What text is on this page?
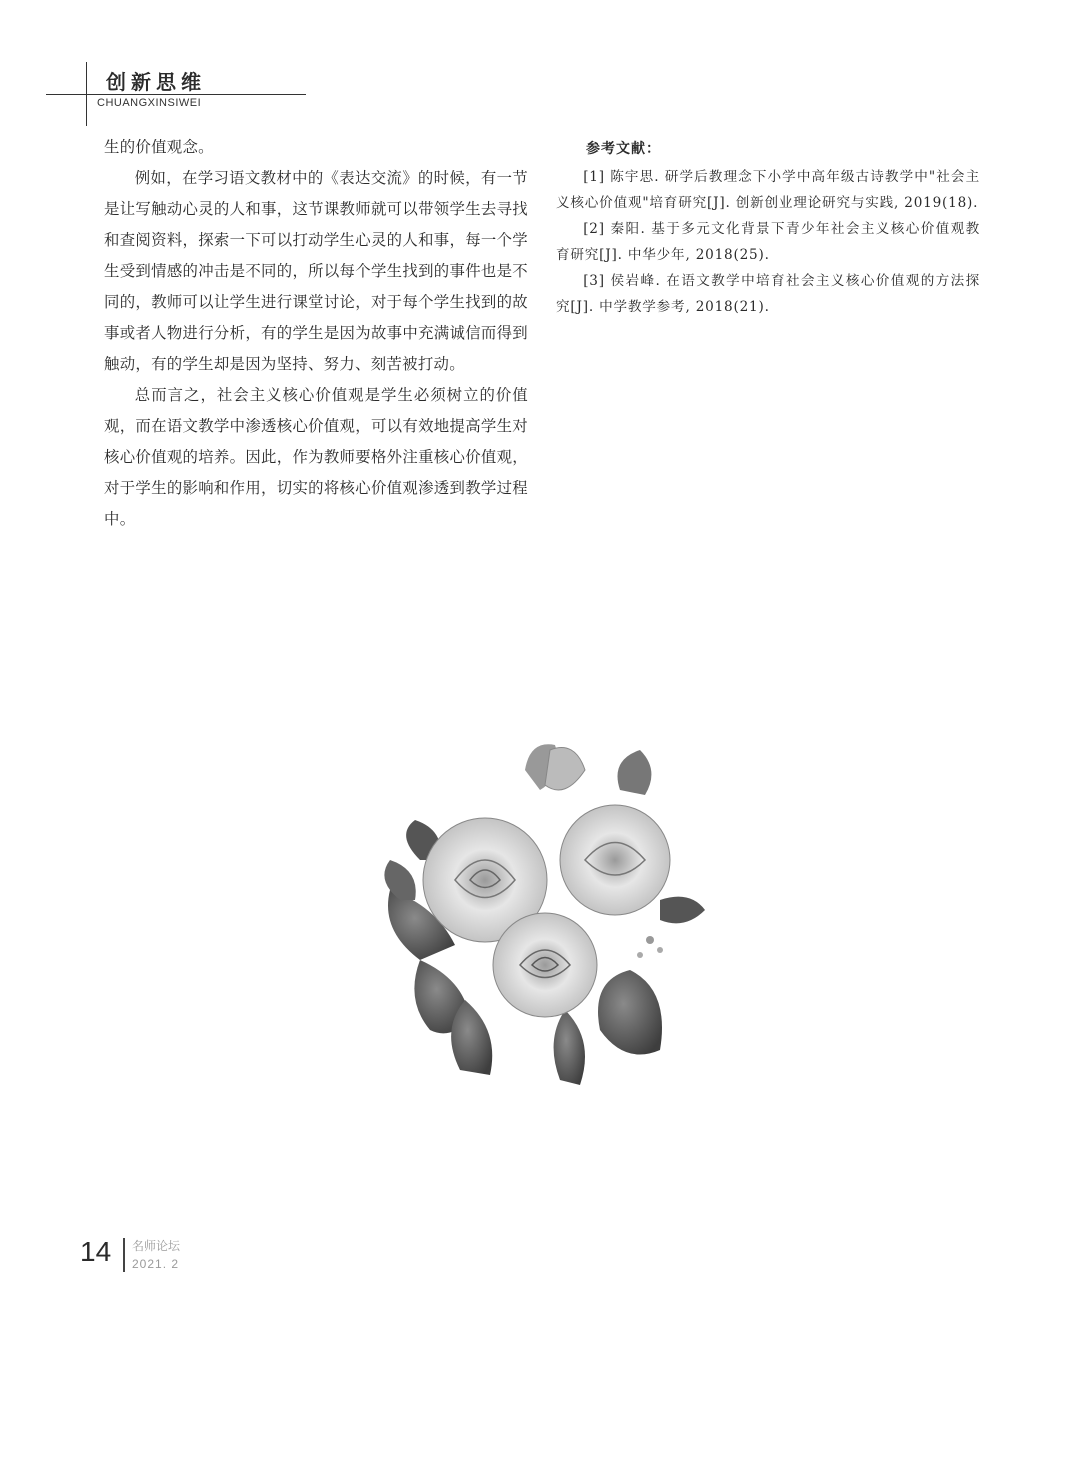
创新思维
CHUANGXINSIWEI

生的价值观念。

例如，在学习语文教材中的《表达交流》的时候，有一节是让写触动心灵的人和事，这节课教师就可以带领学生去寻找和查阅资料，探索一下可以打动学生心灵的人和事，每一个学生受到情感的冲击是不同的，所以每个学生找到的事件也是不同的，教师可以让学生进行课堂讨论，对于每个学生找到的故事或者人物进行分析，有的学生是因为故事中充满诚信而得到触动，有的学生却是因为坚持、努力、刻苦被打动。

总而言之，社会主义核心价值观是学生必须树立的价值观，而在语文教学中渗透核心价值观，可以有效地提高学生对核心价值观的培养。因此，作为教师要格外注重核心价值观，对于学生的影响和作用，切实的将核心价值观渗透到教学过程中。

参考文献：

[1] 陈宇思. 研学后教理念下小学中高年级古诗教学中"社会主义核心价值观"培育研究[J]. 创新创业理论研究与实践, 2019(18).

[2] 秦阳. 基于多元文化背景下青少年社会主义核心价值观教育研究[J]. 中华少年, 2018(25).

[3] 侯岩峰. 在语文教学中培育社会主义核心价值观的方法探究[J]. 中学教学参考, 2018(21).

14 名师论坛
2021. 2
